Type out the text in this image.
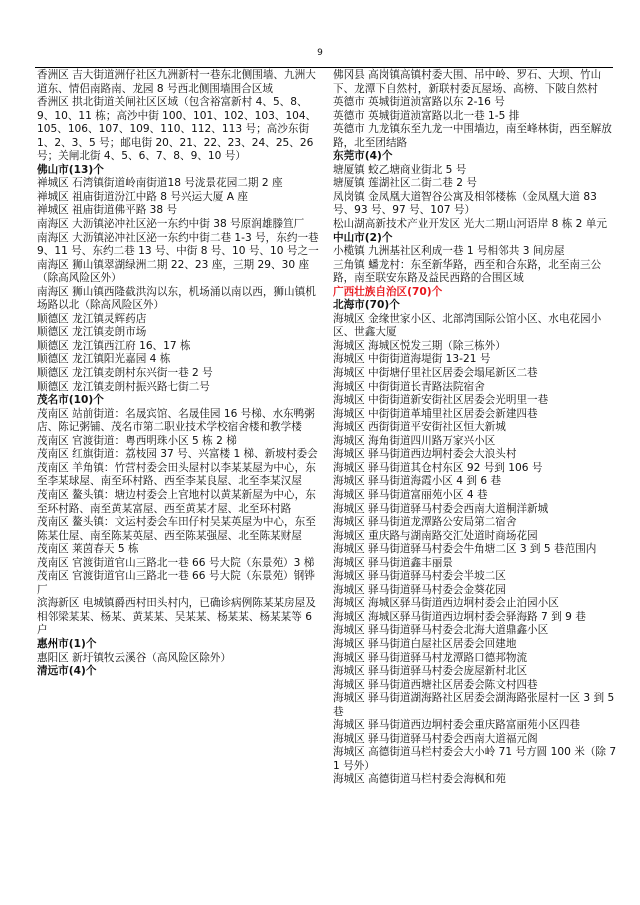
9
香洲区 吉大街道洲仔社区九洲新村一巷东北侧围墙、九洲大道东、情侣南路南、龙园 8 号西北侧围墙围合区域
香洲区 拱北街道关闸社区区域（包含裕富新村 4、5、8、9、10、11 栋；高沙中街 100、101、102、103、104、105、106、107、109、110、112、113 号；高沙东街 1、2、3、5 号；邮电街 20、21、22、23、24、25、26 号；关闸北街 4、5、6、7、8、9、10 号）
佛山市(13)个
禅城区 石湾镇街道岭南街道18 号泷景花园二期 2 座
禅城区 祖庙街道汾江中路 8 号兴运大厦 A 座
禅城区 祖庙街道佛平路 38 号
南海区 大沥镇泌冲社区泌一东约中街 38 号原润雄滕笪厂
南海区 大沥镇泌冲社区泌一东约中街二巷 1-3 号，东约一巷 9、11 号、东约二巷 13 号、中街 8 号、10 号、10 号之一
南海区 狮山镇翠湖绿洲二期 22、23 座，三期 29、30 座（除高风险区外）
南海区 狮山镇西隆截洪沟以东，机场涌以南以西，狮山镇机场路以北（除高风险区外）
顺德区 龙江镇灵辉药店
顺德区 龙江镇麦朗市场
顺德区 龙江镇西江府 16、17 栋
顺德区 龙江镇阳光嘉园 4 栋
顺德区 龙江镇麦朗村东兴街一巷 2 号
顺德区 龙江镇麦朗村振兴路七街二号
茂名市(10)个
茂南区 站前街道：名晟宾馆、名晟佳园 16 号梯、水东鸭粥店、陈记粥铺、茂名市第二职业技术学校宿舍楼和教学楼
茂南区 官渡街道：粤西明珠小区 5 栋 2 梯
茂南区 红旗街道：荔枝园 37 号、兴富楼 1 梯、新坡村委会
茂南区 羊角镇：竹营村委会田头屋村以李某某屋为中心，东至李某球屋、南至环村路、西至李某良屋、北至李某汉屋
茂南区 鳌头镇：塘边村委会上官地村以黄某新屋为中心，东至环村路、南至黄某富屋、西至黄某才屋、北至环村路
茂南区 鳌头镇：文运村委会车田仔村吴某英屋为中心，东至陈某仕屋、南至陈某英屋、西至陈某强屋、北至陈某财屋
茂南区 莱茵春天 5 栋
茂南区 官渡街道官山三路北一巷 66 号大院（东景苑）3 梯
茂南区 官渡街道官山三路北一巷 66 号大院（东景苑）钢铧厂
滨海新区 电城镇爵西村田头村内，已确诊病例陈某某房屋及相邻梁某某、杨某、黄某某、吴某某、杨某某、杨某某等 6 户
惠州市(1)个
惠阳区 新圩镇牧云溪谷（高风险区除外）
清远市(4)个
佛冈县 高岗镇高镇村委大围、吊中岭、罗石、大坝、竹山下、龙潭下自然村，新联村委瓦屋场、高榜、下陂自然村
英德市 英城街道浈富路以东 2-16 号
英德市 英城街道浈富路以北一巷 1-5 排
英德市 九龙镇东至九龙一中围墙边，南至峰林街，西至解放路，北至团结路
东莞市(4)个
塘厦镇 蛟乙塘商业街北 5 号
塘厦镇 莲湖社区二街二巷 2 号
凤岗镇 金凤凰大道智谷公寓及相邻楼栋（金凤凰大道 83 号、93 号、97 号、107 号）
松山湖高新技术产业开发区 光大二期山河语岸 8 栋 2 单元
中山市(2)个
小榄镇 九洲基社区利成一巷 1 号相邻共 3 间房屋
三角镇 蟠龙村：东至新华路，西至和合东路，北至南三公路，南至联安东路及益民西路的合围区域
广西壮族自治区(70)个
北海市(70)个
海城区 金缘世家小区、北部湾国际公馆小区、水电花园小区、世鑫大厦
海城区 海城区悦发三期（除三栋外）
海城区 中街街道海堤街 13-21 号
海城区 中街塘仔里社区居委会塌尾新区二巷
海城区 中街街道长青路法院宿舍
海城区 中街街道新安街社区居委会光明里一巷
海城区 中街街道革埔里社区居委会新建四巷
海城区 西街街道平安街社区恒大新城
海城区 海角街道四川路万家兴小区
海城区 驿马街道西边坰村委会大浪头村
海城区 驿马街道其仓村东区 92 号到 106 号
海城区 驿马街道海霞小区 4 到 6 巷
海城区 驿马街道富丽苑小区 4 巷
海城区 驿马街道驿马村委会西南大道桐洋新城
海城区 驿马街道龙潭路公安局第二宿舍
海城区 重庆路与湖南路交汇处道时商场花园
海城区 驿马街道驿马村委会牛角塘二区 3 到 5 巷范围内
海城区 驿马街道鑫丰丽景
海城区 驿马街道驿马村委会半坡二区
海城区 驿马街道驿马村委会金葵花园
海城区 海城区驿马街道西边坰村委会止泊园小区
海城区 海城区驿马街道西边坰村委会驿海路 7 到 9 巷
海城区 驿马街道驿马村委会北海大道鼎鑫小区
海城区 驿马街道白屋社区居委会回建地
海城区 驿马街道驿马村龙潭路口德邦物流
海城区 驿马街道驿马村委会庞屋新村北区
海城区 驿马街道西塘社区居委会陈文村四巷
海城区 驿马街道湖海路社区居委会湖海路张屋村一区 3 到 5 巷
海城区 驿马街道西边坰村委会重庆路富丽苑小区四巷
海城区 驿马街道驿马村委会西南大道福元阁
海城区 高德街道马栏村委会大小岭 71 号方圆 100 米（除 71 号外）
海城区 高德街道马栏村委会海枫和苑
